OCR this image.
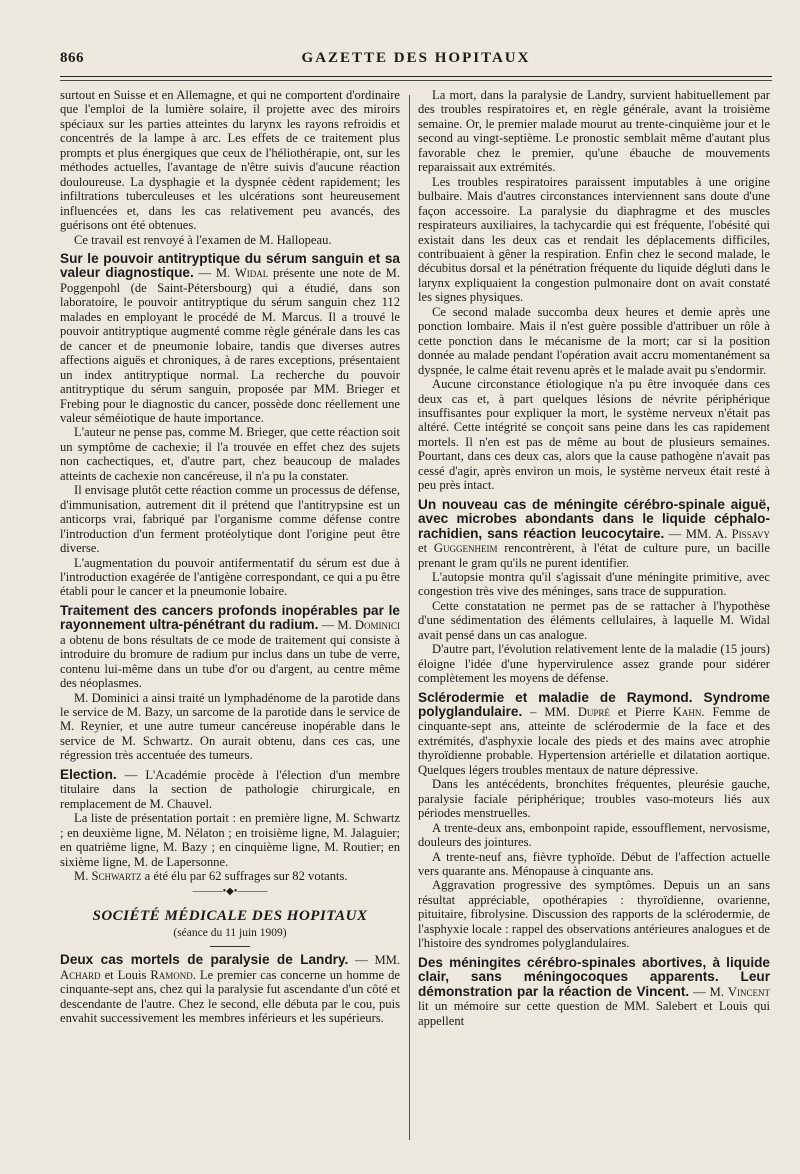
866	GAZETTE DES HOPITAUX

surtout en Suisse et en Allemagne, et qui ne comportent d'ordinaire que l'emploi de la lumière solaire, il projette avec des miroirs spéciaux sur les parties atteintes du larynx les rayons refroidis et concentrés de la lampe à arc. Les effets de ce traitement plus prompts et plus énergiques que ceux de l'héliothérapie, ont, sur les méthodes actuelles, l'avantage de n'être suivis d'aucune réaction douloureuse. La dysphagie et la dyspnée cèdent rapidement; les infiltrations tuberculeuses et les ulcérations sont heureusement influencées et, dans les cas relativement peu avancés, des guérisons ont été obtenues.

Ce travail est renvoyé à l'examen de M. Hallopeau.

Sur le pouvoir antitryptique du sérum sanguin et sa valeur diagnostique. — M. Widal présente une note de M. Poggenpohl (de Saint-Pétersbourg) qui a étudié, dans son laboratoire, le pouvoir antitryptique du sérum sanguin chez 112 malades en employant le procédé de M. Marcus. Il a trouvé le pouvoir antitryptique augmenté comme règle générale dans les cas de cancer et de pneumonie lobaire, tandis que diverses autres affections aiguës et chroniques, à de rares exceptions, présentaient un index antitryptique normal. La recherche du pouvoir antitryptique du sérum sanguin, proposée par MM. Brieger et Frebing pour le diagnostic du cancer, possède donc réellement une valeur séméiotique de haute importance.

L'auteur ne pense pas, comme M. Brieger, que cette réaction soit un symptôme de cachexie; il l'a trouvée en effet chez des sujets non cachectiques, et, d'autre part, chez beaucoup de malades atteints de cachexie non cancéreuse, il n'a pu la constater.

Il envisage plutôt cette réaction comme un processus de défense, d'immunisation, autrement dit il prétend que l'antitrypsine est un anticorps vrai, fabriqué par l'organisme comme défense contre l'introduction d'un ferment protéolytique dont l'origine peut être diverse.

L'augmentation du pouvoir antifermentatif du sérum est due à l'introduction exagérée de l'antigène correspondant, ce qui a pu être établi pour le cancer et la pneumonie lobaire.

Traitement des cancers profonds inopérables par le rayonnement ultra-pénétrant du radium. — M. Dominici a obtenu de bons résultats de ce mode de traitement qui consiste à introduire du bromure de radium pur inclus dans un tube de verre, contenu lui-même dans un tube d'or ou d'argent, au centre même des néoplasmes.

M. Dominici a ainsi traité un lymphadénome de la parotide dans le service de M. Bazy, un sarcome de la parotide dans le service de M. Reynier, et une autre tumeur cancéreuse inopérable dans le service de M. Schwartz. On aurait obtenu, dans ces cas, une régression très accentuée des tumeurs.

Election. — L'Académie procède à l'élection d'un membre titulaire dans la section de pathologie chirurgicale, en remplacement de M. Chauvel.

La liste de présentation portait : en première ligne, M. Schwartz ; en deuxième ligne, M. Nélaton ; en troisième ligne, M. Jalaguier; en quatrième ligne, M. Bazy ; en cinquième ligne, M. Routier; en sixième ligne, M. de Lapersonne.

M. Schwartz a été élu par 62 suffrages sur 82 votants.

———•◆•———

SOCIÉTÉ MÉDICALE DES HOPITAUX

(séance du 11 juin 1909)

Deux cas mortels de paralysie de Landry. — MM. Achard et Louis Ramond. Le premier cas concerne un homme de cinquante-sept ans, chez qui la paralysie fut ascendante d'un côté et descendante de l'autre. Chez le second, elle débuta par le cou, puis envahit successivement les membres inférieurs et les supérieurs.

La mort, dans la paralysie de Landry, survient habituellement par des troubles respiratoires et, en règle générale, avant la troisième semaine. Or, le premier malade mourut au trente-cinquième jour et le second au vingt-septième. Le pronostic semblait même d'autant plus favorable chez le premier, qu'une ébauche de mouvements reparaissait aux extrémités.

Les troubles respiratoires paraissent imputables à une origine bulbaire. Mais d'autres circonstances interviennent sans doute d'une façon accessoire. La paralysie du diaphragme et des muscles respirateurs auxiliaires, la tachycardie qui est fréquente, l'obésité qui existait dans les deux cas et rendait les déplacements difficiles, contribuaient à gêner la respiration. Enfin chez le second malade, le décubitus dorsal et la pénétration fréquente du liquide dégluti dans le larynx expliquaient la congestion pulmonaire dont on avait constaté les signes physiques.

Ce second malade succomba deux heures et demie après une ponction lombaire. Mais il n'est guère possible d'attribuer un rôle à cette ponction dans le mécanisme de la mort; car si la position donnée au malade pendant l'opération avait accru momentanément sa dyspnée, le calme était revenu après et le malade avait pu s'endormir.

Aucune circonstance étiologique n'a pu être invoquée dans ces deux cas et, à part quelques lésions de névrite périphérique insuffisantes pour expliquer la mort, le système nerveux n'était pas altéré. Cette intégrité se conçoit sans peine dans les cas rapidement mortels. Il n'en est pas de même au bout de plusieurs semaines. Pourtant, dans ces deux cas, alors que la cause pathogène n'avait pas cessé d'agir, après environ un mois, le système nerveux était resté à peu près intact.

Un nouveau cas de méningite cérébro-spinale aiguë, avec microbes abondants dans le liquide céphalo-rachidien, sans réaction leucocytaire. — MM. A. Pissavy et Guggenheim rencontrèrent, à l'état de culture pure, un bacille prenant le gram qu'ils ne purent identifier.

L'autopsie montra qu'il s'agissait d'une méningite primitive, avec congestion très vive des méninges, sans trace de suppuration.

Cette constatation ne permet pas de se rattacher à l'hypothèse d'une sédimentation des éléments cellulaires, à laquelle M. Widal avait pensé dans un cas analogue.

D'autre part, l'évolution relativement lente de la maladie (15 jours) éloigne l'idée d'une hypervirulence assez grande pour sidérer complètement les moyens de défense.

Sclérodermie et maladie de Raymond. Syndrome polyglandulaire. – MM. Dupré et Pierre Kahn. Femme de cinquante-sept ans, atteinte de sclérodermie de la face et des extrémités, d'asphyxie locale des pieds et des mains avec atrophie thyroïdienne probable. Hypertension artérielle et dilatation aortique. Quelques légers troubles mentaux de nature dépressive.

Dans les antécédents, bronchites fréquentes, pleurésie gauche, paralysie faciale périphérique; troubles vaso-moteurs liés aux périodes menstruelles.

A trente-deux ans, embonpoint rapide, essoufflement, nervosisme, douleurs des jointures.

A trente-neuf ans, fièvre typhoïde. Début de l'affection actuelle vers quarante ans. Ménopause à cinquante ans.

Aggravation progressive des symptômes. Depuis un an sans résultat appréciable, opothérapies : thyroïdienne, ovarienne, pituitaire, fibrolysine. Discussion des rapports de la sclérodermie, de l'asphyxie locale : rappel des observations antérieures analogues et de l'histoire des syndromes polyglandulaires.

Des méningites cérébro-spinales abortives, à liquide clair, sans méningocoques apparents. Leur démonstration par la réaction de Vincent. — M. Vincent lit un mémoire sur cette question de MM. Salebert et Louis qui appellent
